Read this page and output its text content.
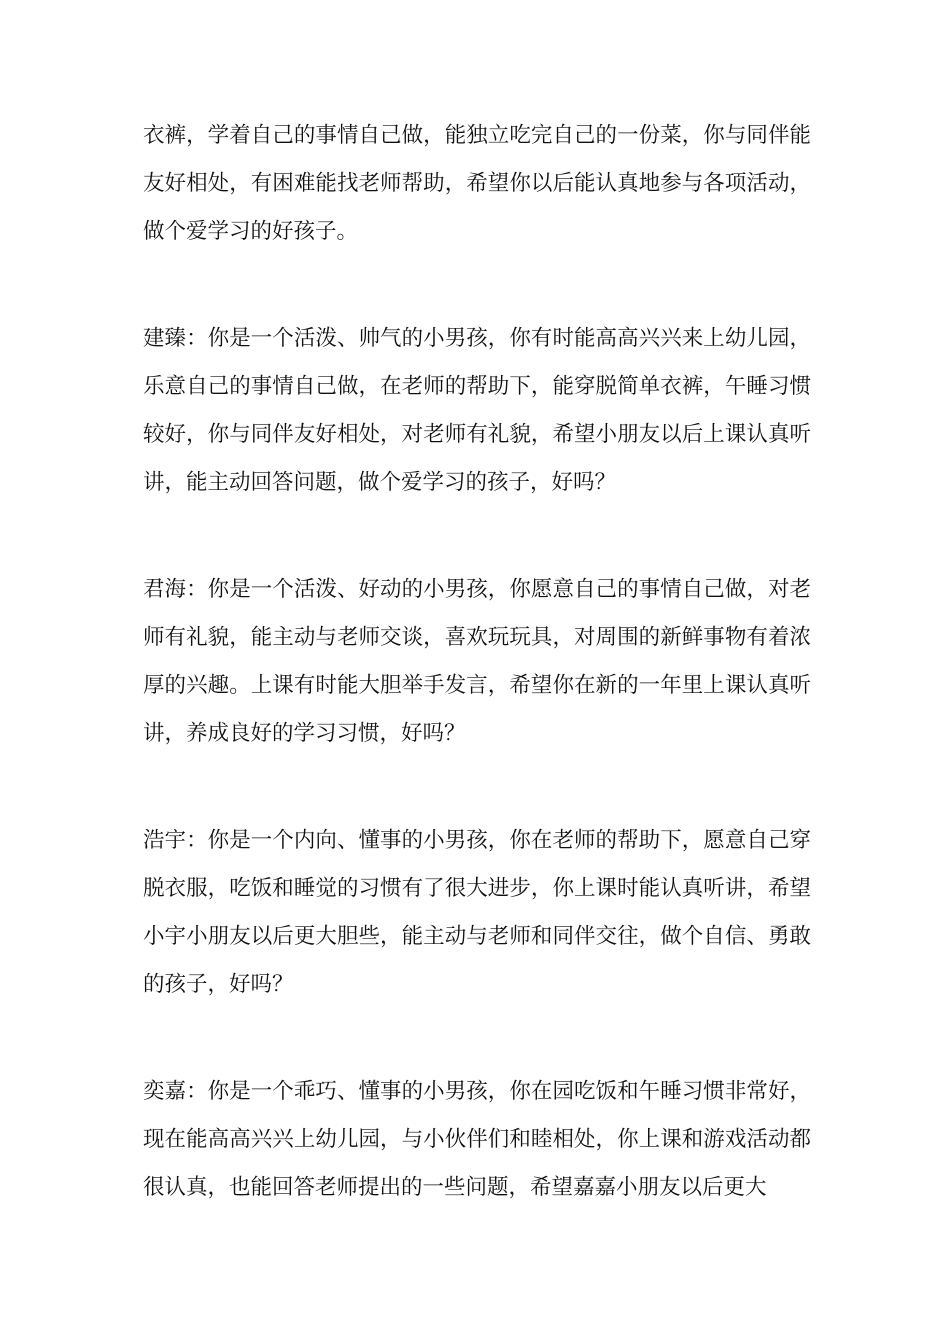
衣裤，学着自己的事情自己做，能独立吃完自己的一份菜，你与同伴能友好相处，有困难能找老师帮助，希望你以后能认真地参与各项活动，做个爱学习的好孩子。

建臻：你是一个活泼、帅气的小男孩，你有时能高高兴兴来上幼儿园，乐意自己的事情自己做，在老师的帮助下，能穿脱简单衣裤，午睡习惯较好，你与同伴友好相处，对老师有礼貌，希望小朋友以后上课认真听讲，能主动回答问题，做个爱学习的孩子，好吗？

君海：你是一个活泼、好动的小男孩，你愿意自己的事情自己做，对老师有礼貌，能主动与老师交谈，喜欢玩玩具，对周围的新鲜事物有着浓厚的兴趣。上课有时能大胆举手发言，希望你在新的一年里上课认真听讲，养成良好的学习习惯，好吗？

浩宇：你是一个内向、懂事的小男孩，你在老师的帮助下，愿意自己穿脱衣服，吃饭和睡觉的习惯有了很大进步，你上课时能认真听讲，希望小宇小朋友以后更大胆些，能主动与老师和同伴交往，做个自信、勇敢的孩子，好吗？

奕嘉：你是一个乖巧、懂事的小男孩，你在园吃饭和午睡习惯非常好，现在能高高兴兴上幼儿园，与小伙伴们和睦相处，你上课和游戏活动都很认真，也能回答老师提出的一些问题，希望嘉嘉小朋友以后更大
